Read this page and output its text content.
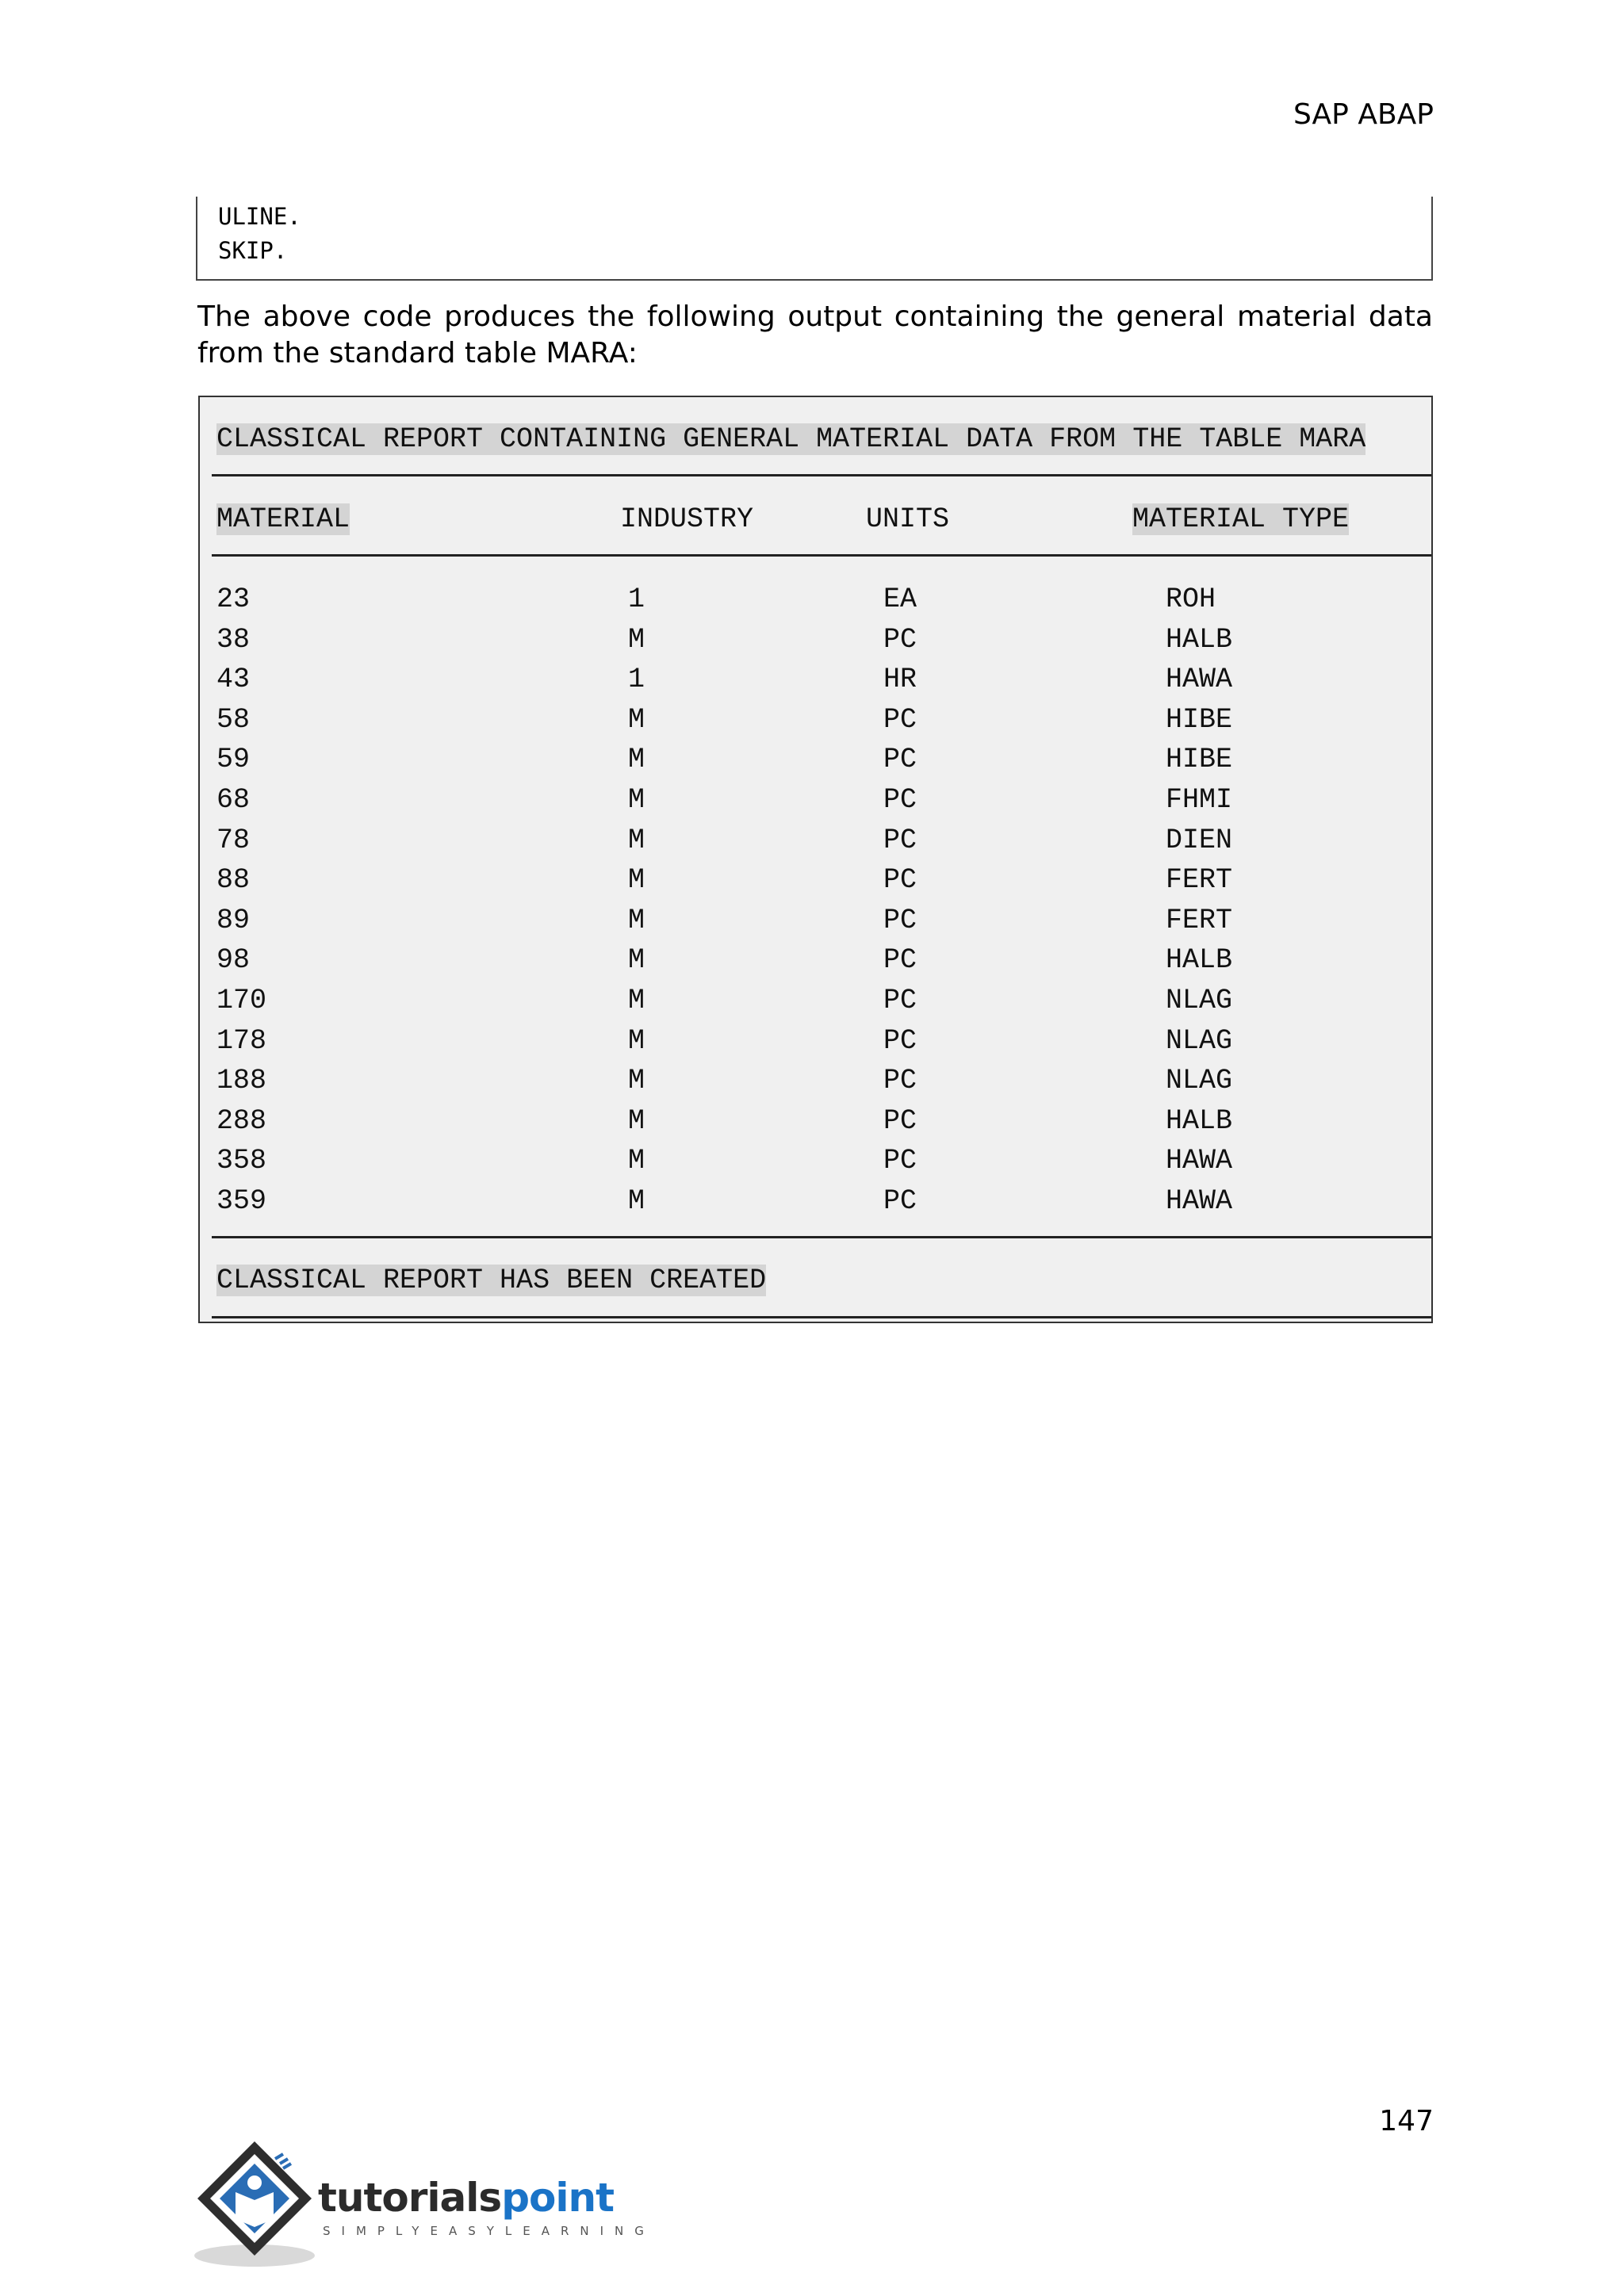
SAP ABAP
ULINE.
SKIP.
The above code produces the following output containing the general material data from the standard table MARA:
CLASSICAL REPORT CONTAINING GENERAL MATERIAL DATA FROM THE TABLE MARA
MATERIAL	INDUSTRY	UNITS	MATERIAL TYPE
23	1	EA	ROH
38	M	PC	HALB
43	1	HR	HAWA
58	M	PC	HIBE
59	M	PC	HIBE
68	M	PC	FHMI
78	M	PC	DIEN
88	M	PC	FERT
89	M	PC	FERT
98	M	PC	HALB
170	M	PC	NLAG
178	M	PC	NLAG
188	M	PC	NLAG
288	M	PC	HALB
358	M	PC	HAWA
359	M	PC	HAWA
CLASSICAL REPORT HAS BEEN CREATED
147
tutorialspoint
SIMPLYEASYLEARNING
